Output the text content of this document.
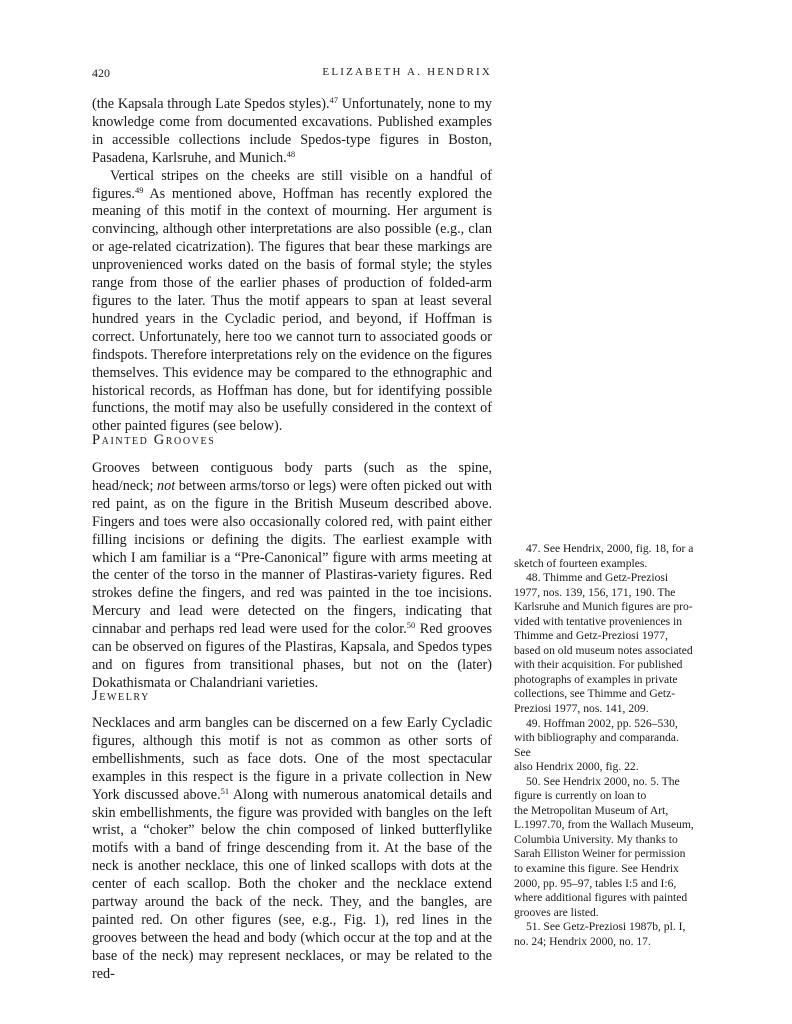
420	ELIZABETH A. HENDRIX

(the Kapsala through Late Spedos styles).$^{47}$ Unfortunately, none to my knowledge come from documented excavations. Published examples in accessible collections include Spedos-type figures in Boston, Pasadena, Karlsruhe, and Munich.$^{48}$

Vertical stripes on the cheeks are still visible on a handful of figures.$^{49}$ As mentioned above, Hoffman has recently explored the meaning of this motif in the context of mourning. Her argument is convincing, although other interpretations are also possible (e.g., clan or age-related cicatrization). The figures that bear these markings are unprovenienced works dated on the basis of formal style; the styles range from those of the earlier phases of production of folded-arm figures to the later. Thus the motif appears to span at least several hundred years in the Cycladic period, and beyond, if Hoffman is correct. Unfortunately, here too we cannot turn to associated goods or findspots. Therefore interpretations rely on the evidence on the figures themselves. This evidence may be compared to the ethnographic and historical records, as Hoffman has done, but for identifying possible functions, the motif may also be usefully considered in the context of other painted figures (see below).

Painted Grooves

Grooves between contiguous body parts (such as the spine, head/neck; not between arms/torso or legs) were often picked out with red paint, as on the figure in the British Museum described above. Fingers and toes were also occasionally colored red, with paint either filling incisions or defining the digits. The earliest example with which I am familiar is a “Pre-Canonical” figure with arms meeting at the center of the torso in the manner of Plastiras-variety figures. Red strokes define the fingers, and red was painted in the toe incisions. Mercury and lead were detected on the fingers, indicating that cinnabar and perhaps red lead were used for the color.$^{50}$ Red grooves can be observed on figures of the Plastiras, Kapsala, and Spedos types and on figures from transitional phases, but not on the (later) Dokathismata or Chalandriani varieties.

Jewelry

Necklaces and arm bangles can be discerned on a few Early Cycladic figures, although this motif is not as common as other sorts of embellishments, such as face dots. One of the most spectacular examples in this respect is the figure in a private collection in New York discussed above.$^{51}$ Along with numerous anatomical details and skin embellishments, the figure was provided with bangles on the left wrist, a “choker” below the chin composed of linked butterflylike motifs with a band of fringe descending from it. At the base of the neck is another necklace, this one of linked scallops with dots at the center of each scallop. Both the choker and the necklace extend partway around the back of the neck. They, and the bangles, are painted red. On other figures (see, e.g., Fig. 1), red lines in the grooves between the head and body (which occur at the top and at the base of the neck) may represent necklaces, or may be related to the red-

47. See Hendrix, 2000, fig. 18, for a
sketch of fourteen examples.
48. Thimme and Getz-Preziosi
1977, nos. 139, 156, 171, 190. The
Karlsruhe and Munich figures are pro-
vided with tentative proveniences in
Thimme and Getz-Preziosi 1977,
based on old museum notes associated
with their acquisition. For published
photographs of examples in private
collections, see Thimme and Getz-
Preziosi 1977, nos. 141, 209.
49. Hoffman 2002, pp. 526–530,
with bibliography and comparanda. See
also Hendrix 2000, fig. 22.
50. See Hendrix 2000, no. 5. The
figure is currently on loan to
the Metropolitan Museum of Art,
L.1997.70, from the Wallach Museum,
Columbia University. My thanks to
Sarah Elliston Weiner for permission
to examine this figure. See Hendrix
2000, pp. 95–97, tables I:5 and I:6,
where additional figures with painted
grooves are listed.
51. See Getz-Preziosi 1987b, pl. I,
no. 24; Hendrix 2000, no. 17.
